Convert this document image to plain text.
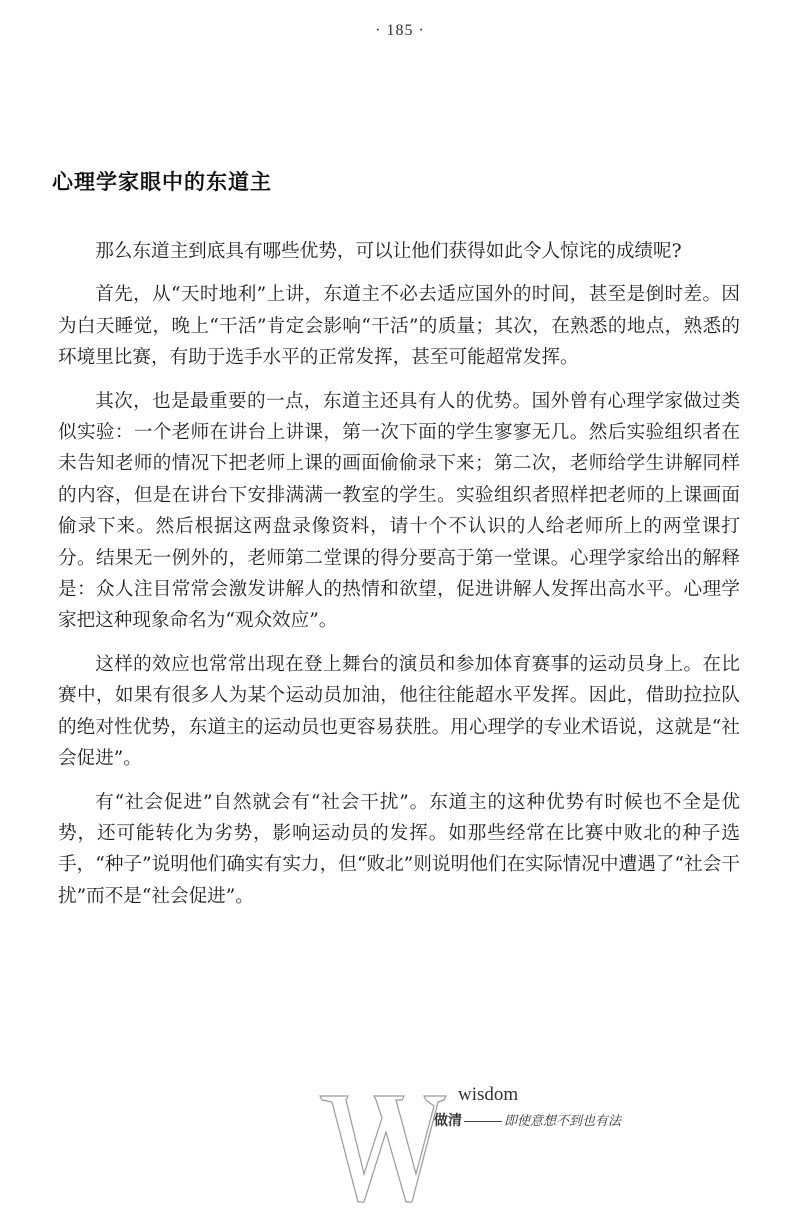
· 185 ·
心理学家眼中的东道主

那么东道主到底具有哪些优势，可以让他们获得如此令人惊诧的成绩呢?

首先，从“天时地利”上讲，东道主不必去适应国外的时间，甚至是倒时差。因为白天睡觉，晚上“干活”肯定会影响“干活”的质量；其次，在熟悉的地点，熟悉的环境里比赛，有助于选手水平的正常发挥，甚至可能超常发挥。

其次，也是最重要的一点，东道主还具有人的优势。国外曾有心理学家做过类似实验：一个老师在讲台上讲课，第一次下面的学生寥寥无几。然后实验组织者在未告知老师的情况下把老师上课的画面偷偷录下来；第二次，老师给学生讲解同样的内容，但是在讲台下安排满满一教室的学生。实验组织者照样把老师的上课画面偷录下来。然后根据这两盘录像资料，请十个不认识的人给老师所上的两堂课打分。结果无一例外的，老师第二堂课的得分要高于第一堂课。心理学家给出的解释是：众人注目常常会激发讲解人的热情和欲望，促进讲解人发挥出高水平。心理学家把这种现象命名为“观众效应”。

这样的效应也常常出现在登上舞台的演员和参加体育赛事的运动员身上。在比赛中，如果有很多人为某个运动员加油，他往往能超水平发挥。因此，借助拉拉队的绝对性优势，东道主的运动员也更容易获胜。用心理学的专业术语说，这就是“社会促进”。

有“社会促进”自然就会有“社会干扰”。东道主的这种优势有时候也不全是优势，还可能转化为劣势，影响运动员的发挥。如那些经常在比赛中败北的种子选手，“种子”说明他们确实有实力，但“败北”则说明他们在实际情况中遭遇了“社会干扰”而不是“社会促进”。

wisdom
做清	即使意想不到也有法
